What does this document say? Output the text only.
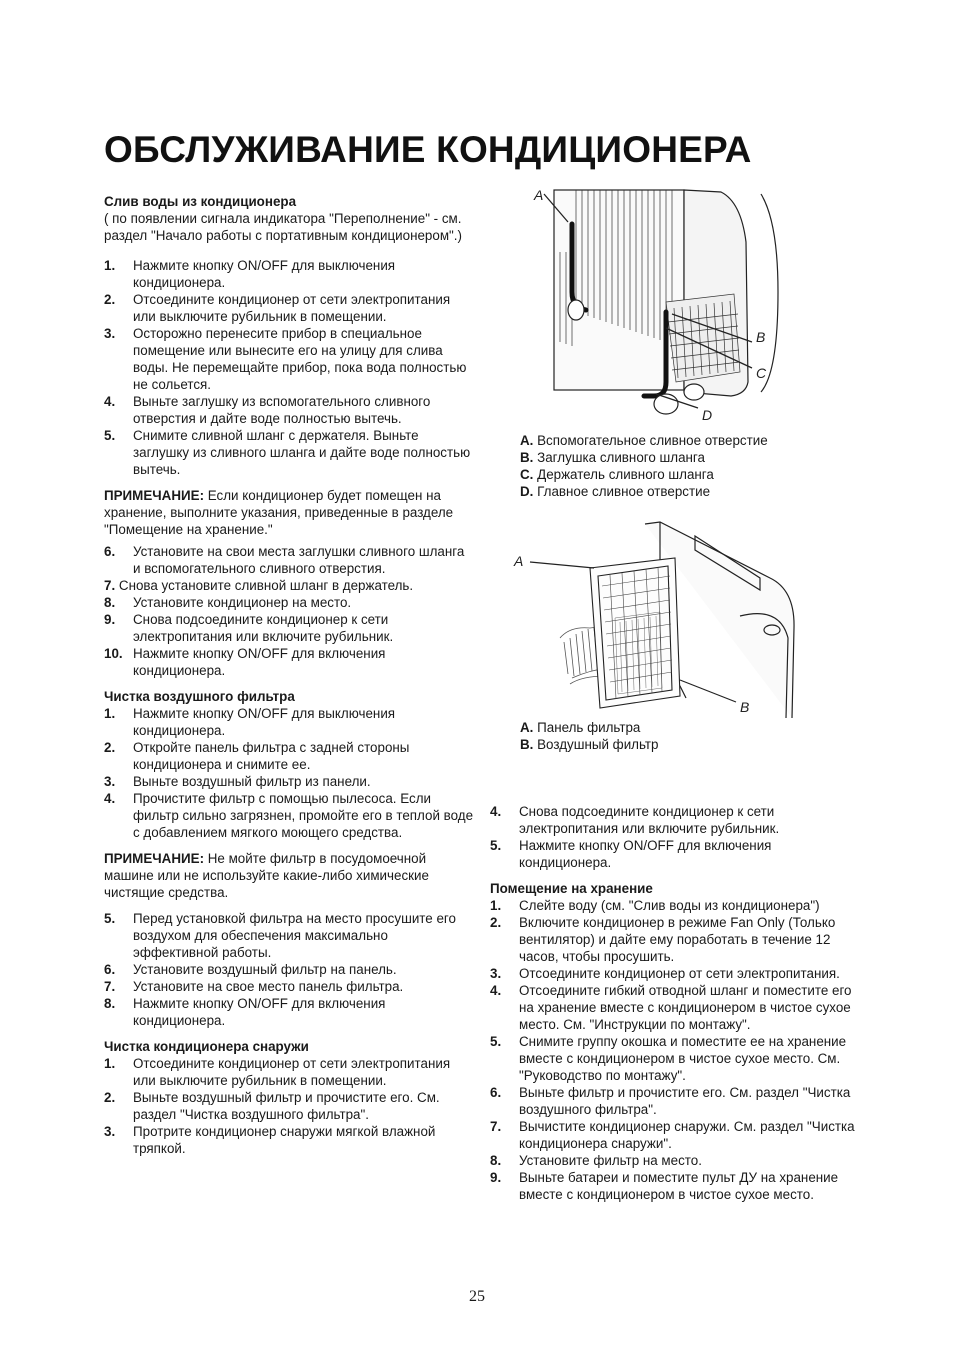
ОБСЛУЖИВАНИЕ КОНДИЦИОНЕРА
Слив воды из кондиционера
( по появлении сигнала индикатора "Переполнение" - см. раздел "Начало работы с портативным кондиционером".)
1.	Нажмите кнопку ON/OFF для выключения кондиционера.
2.	Отсоедините кондиционер от сети электропитания или выключите рубильник в помещении.
3.	Осторожно перенесите прибор в специальное помещение или вынесите его на улицу для слива воды. Не перемещайте прибор, пока вода полностью не сольется.
4.	Выньте заглушку из вспомогательного сливного отверстия и дайте воде полностью вытечь.
5.	Снимите сливной шланг с держателя. Выньте заглушку из сливного шланга и дайте воде полностью вытечь.
ПРИМЕЧАНИЕ: Если кондиционер будет помещен на хранение, выполните указания, приведенные в разделе "Помещение на хранение."
6.	Установите на свои места заглушки сливного шланга и вспомогательного сливного отверстия.
7. Снова установите сливной шланг в держатель.
8.	Установите кондиционер на место.
9.	Снова подсоедините кондиционер к сети электропитания или включите рубильник.
10. Нажмите кнопку ON/OFF для включения кондиционера.
Чистка воздушного фильтра
1.	Нажмите кнопку ON/OFF для выключения кондиционера.
2.	Откройте панель фильтра с задней стороны кондиционера и снимите ее.
3.	Выньте воздушный фильтр из панели.
4.	Прочистите фильтр с помощью пылесоса. Если фильтр сильно загрязнен, промойте его в теплой воде с добавлением мягкого моющего средства.
ПРИМЕЧАНИЕ: Не мойте фильтр в посудомоечной машине или не используйте какие-либо химические чистящие средства.
5.	Перед установкой фильтра на место просушите его воздухом для обеспечения максимально эффективной работы.
6.	Установите воздушный фильтр на панель.
7.	Установите на свое место панель фильтра.
8.	Нажмите кнопку ON/OFF для включения кондиционера.
Чистка кондиционера снаружи
1.	Отсоедините кондиционер от сети электропитания или выключите рубильник в помещении.
2.	Выньте воздушный фильтр и прочистите его. См. раздел "Чистка воздушного фильтра".
3.	Протрите кондиционер снаружи мягкой влажной тряпкой.
A
B
C
D
A. Вспомогательное сливное отверстие
B. Заглушка сливного шланга
C. Держатель сливного шланга
D. Главное сливное отверстие
A
B
A. Панель фильтра
B. Воздушный фильтр
4.	Снова подсоедините кондиционер к сети электропитания или включите рубильник.
5.	Нажмите кнопку ON/OFF для включения кондиционера.
Помещение на хранение
1.	Слейте воду (см. "Слив воды из кондиционера")
2.	Включите кондиционер в режиме Fan Only (Только вентилятор) и дайте ему поработать в течение 12 часов, чтобы просушить.
3.	Отсоедините кондиционер от сети электропитания.
4.	Отсоедините гибкий отводной шланг и поместите его на хранение вместе с кондиционером в чистое сухое место. См. "Инструкции по монтажу".
5.	Снимите группу окошка и поместите ее на хранение вместе с кондиционером в чистое сухое место. См. "Руководство по монтажу".
6.	Выньте фильтр и прочистите его. См. раздел "Чистка воздушного фильтра".
7.	Вычистите кондиционер снаружи. См. раздел "Чистка кондиционера снаружи".
8.	Установите фильтр на место.
9.	Выньте батареи и поместите пульт ДУ на хранение вместе с кондиционером в чистое сухое место.
25
